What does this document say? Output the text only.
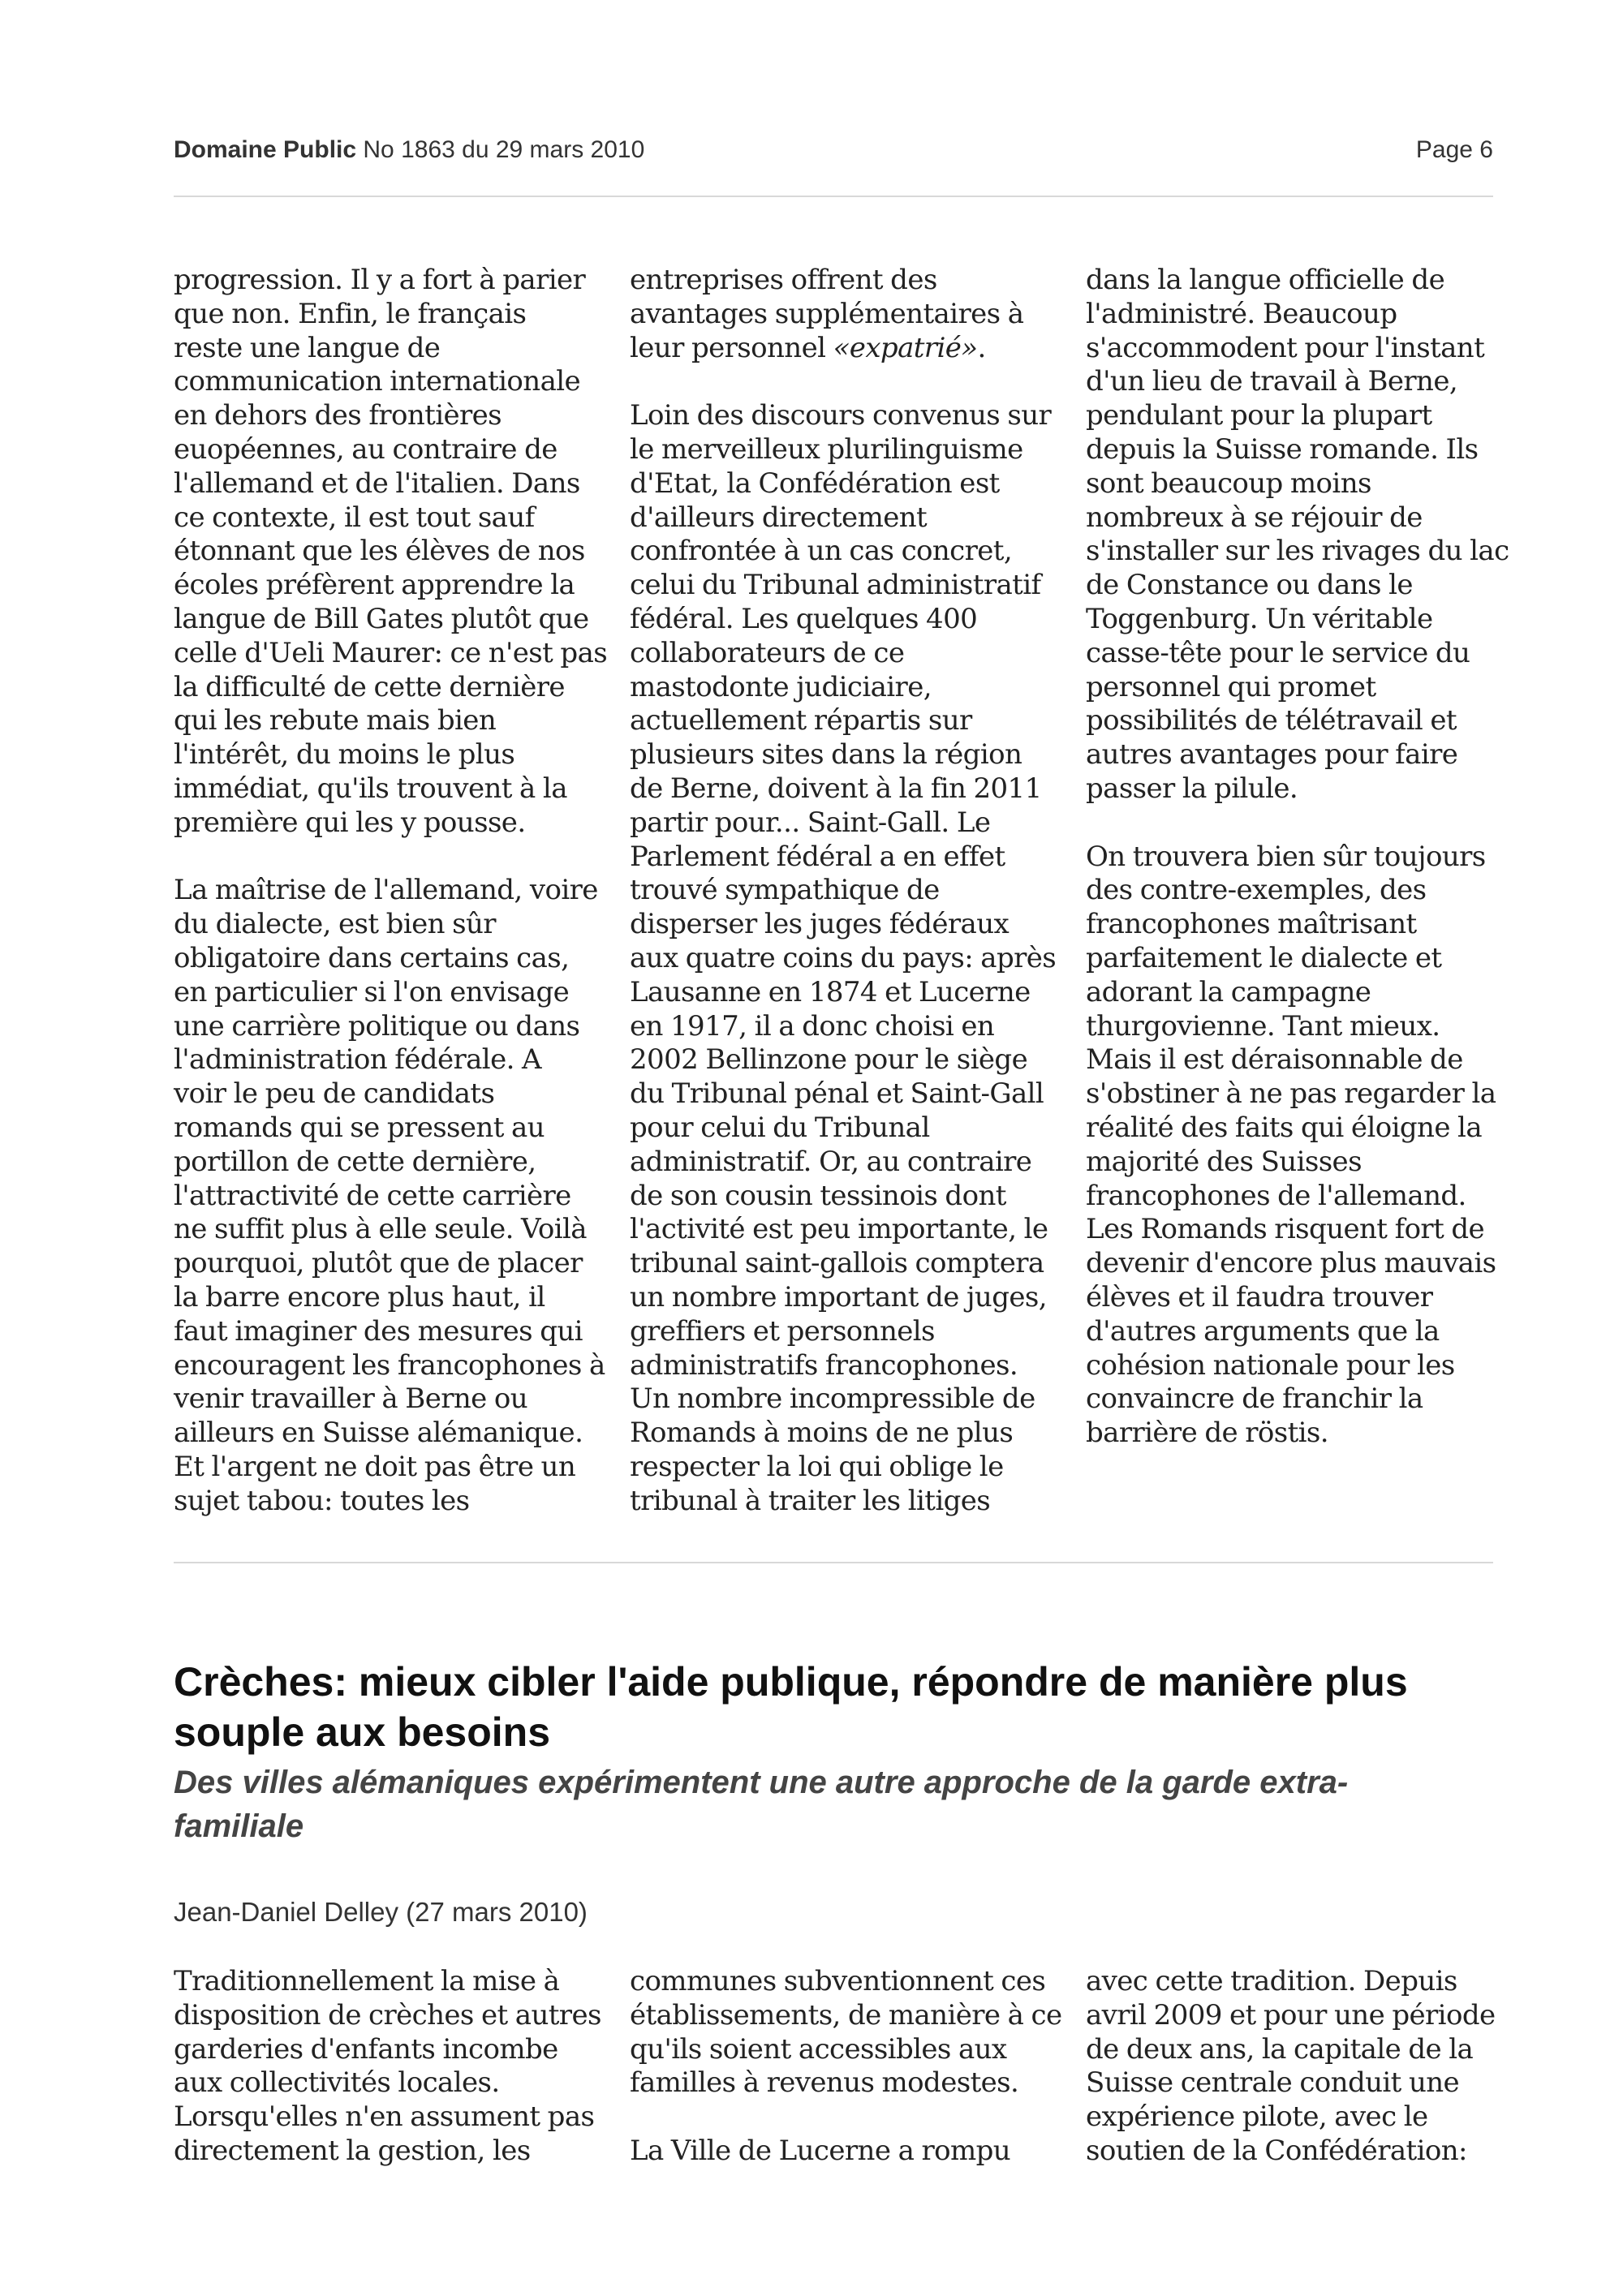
Domaine Public No 1863 du 29 mars 2010	Page 6

progression. Il y a fort à parier
que non. Enfin, le français
reste une langue de
communication internationale
en dehors des frontières
euopéennes, au contraire de
l'allemand et de l'italien. Dans
ce contexte, il est tout sauf
étonnant que les élèves de nos
écoles préfèrent apprendre la
langue de Bill Gates plutôt que
celle d'Ueli Maurer: ce n'est pas
la difficulté de cette dernière
qui les rebute mais bien
l'intérêt, du moins le plus
immédiat, qu'ils trouvent à la
première qui les y pousse.

La maîtrise de l'allemand, voire
du dialecte, est bien sûr
obligatoire dans certains cas,
en particulier si l'on envisage
une carrière politique ou dans
l'administration fédérale. A
voir le peu de candidats
romands qui se pressent au
portillon de cette dernière,
l'attractivité de cette carrière
ne suffit plus à elle seule. Voilà
pourquoi, plutôt que de placer
la barre encore plus haut, il
faut imaginer des mesures qui
encouragent les francophones à
venir travailler à Berne ou
ailleurs en Suisse alémanique.
Et l'argent ne doit pas être un
sujet tabou: toutes les

entreprises offrent des
avantages supplémentaires à
leur personnel «expatrié».

Loin des discours convenus sur
le merveilleux plurilinguisme
d'Etat, la Confédération est
d'ailleurs directement
confrontée à un cas concret,
celui du Tribunal administratif
fédéral. Les quelques 400
collaborateurs de ce
mastodonte judiciaire,
actuellement répartis sur
plusieurs sites dans la région
de Berne, doivent à la fin 2011
partir pour... Saint-Gall. Le
Parlement fédéral a en effet
trouvé sympathique de
disperser les juges fédéraux
aux quatre coins du pays: après
Lausanne en 1874 et Lucerne
en 1917, il a donc choisi en
2002 Bellinzone pour le siège
du Tribunal pénal et Saint-Gall
pour celui du Tribunal
administratif. Or, au contraire
de son cousin tessinois dont
l'activité est peu importante, le
tribunal saint-gallois comptera
un nombre important de juges,
greffiers et personnels
administratifs francophones.
Un nombre incompressible de
Romands à moins de ne plus
respecter la loi qui oblige le
tribunal à traiter les litiges

dans la langue officielle de
l'administré. Beaucoup
s'accommodent pour l'instant
d'un lieu de travail à Berne,
pendulant pour la plupart
depuis la Suisse romande. Ils
sont beaucoup moins
nombreux à se réjouir de
s'installer sur les rivages du lac
de Constance ou dans le
Toggenburg. Un véritable
casse-tête pour le service du
personnel qui promet
possibilités de télétravail et
autres avantages pour faire
passer la pilule.

On trouvera bien sûr toujours
des contre-exemples, des
francophones maîtrisant
parfaitement le dialecte et
adorant la campagne
thurgovienne. Tant mieux.
Mais il est déraisonnable de
s'obstiner à ne pas regarder la
réalité des faits qui éloigne la
majorité des Suisses
francophones de l'allemand.
Les Romands risquent fort de
devenir d'encore plus mauvais
élèves et il faudra trouver
d'autres arguments que la
cohésion nationale pour les
convaincre de franchir la
barrière de röstis.

Crèches: mieux cibler l'aide publique, répondre de manière plus
souple aux besoins
Des villes alémaniques expérimentent une autre approche de la garde extra-
familiale
Jean-Daniel Delley (27 mars 2010)

Traditionnellement la mise à
disposition de crèches et autres
garderies d'enfants incombe
aux collectivités locales.
Lorsqu'elles n'en assument pas
directement la gestion, les

communes subventionnent ces
établissements, de manière à ce
qu'ils soient accessibles aux
familles à revenus modestes.

La Ville de Lucerne a rompu

avec cette tradition. Depuis
avril 2009 et pour une période
de deux ans, la capitale de la
Suisse centrale conduit une
expérience pilote, avec le
soutien de la Confédération:
